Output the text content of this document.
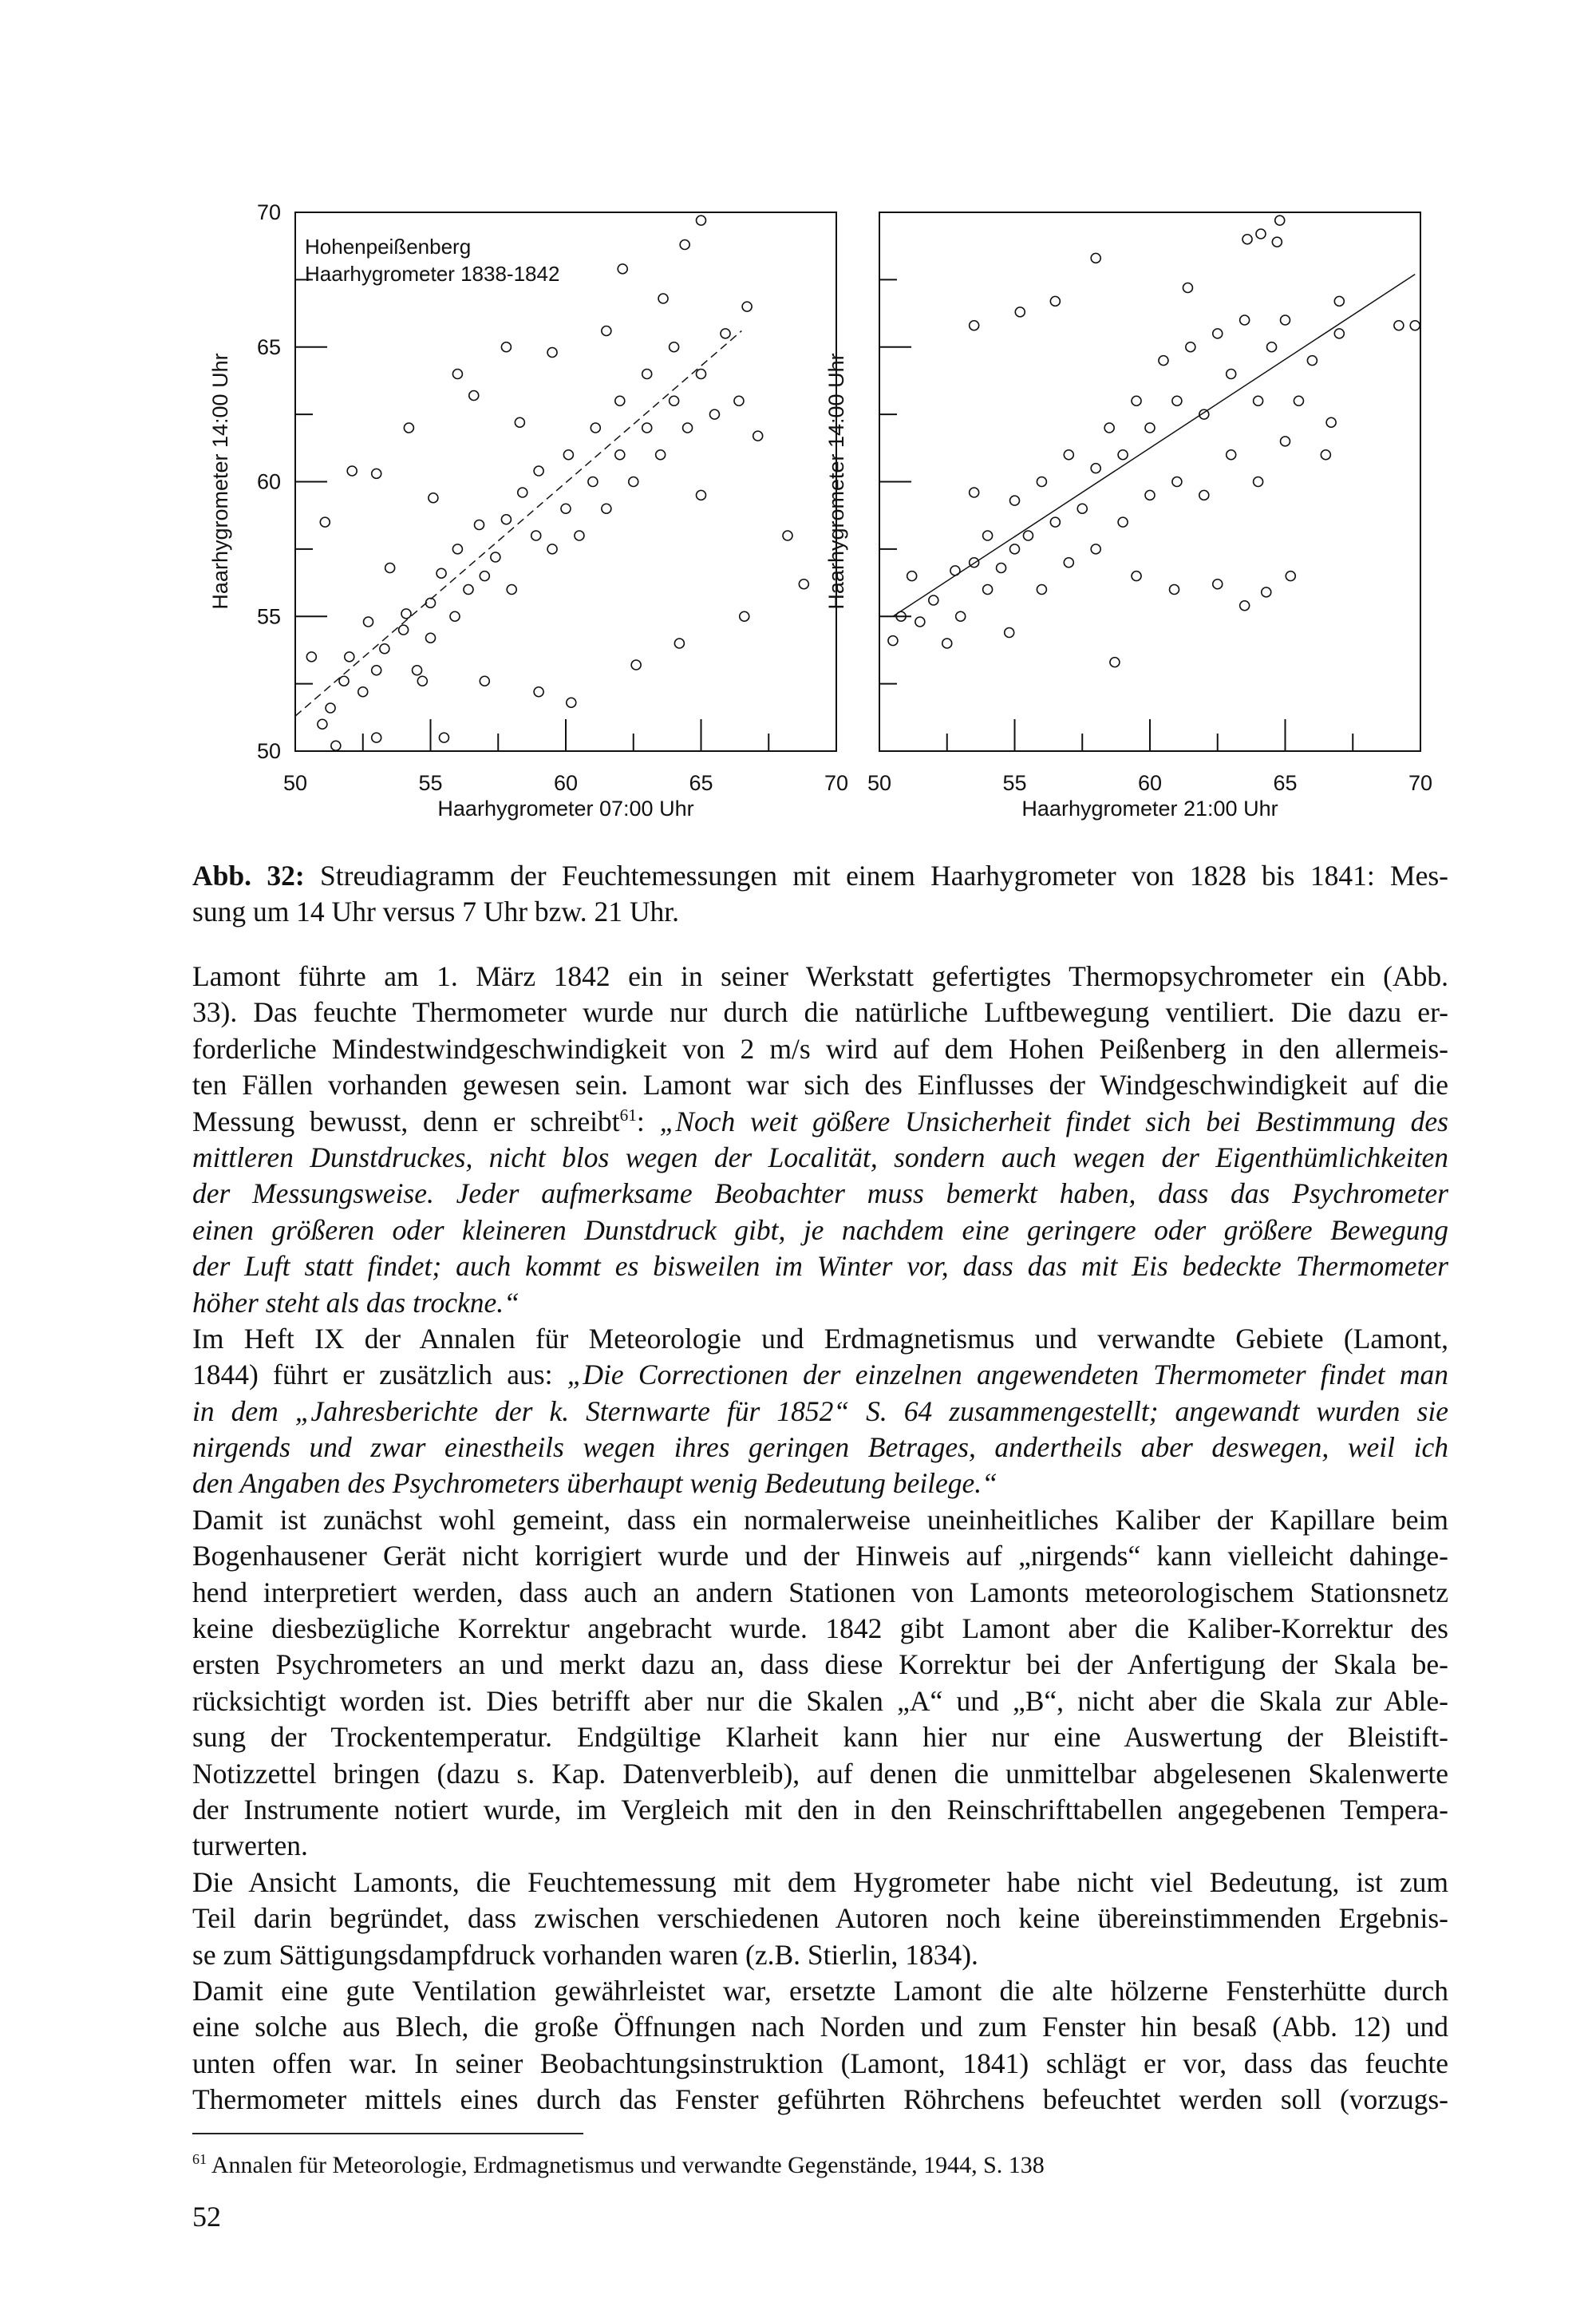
50	55	60	65	70
50
55
60
65
70
Haarhygrometer 07:00 Uhr
Haarhygrometer 14:00 Uhr
Hohenpeißenberg
Haarhygrometer 1838-1842
50	55	60	65	70
Haarhygrometer 21:00 Uhr
Haarhygrometer 14:00 Uhr
Abb. 32: Streudiagramm der Feuchtemessungen mit einem Haarhygrometer von 1828 bis 1841: Mes-
sung um 14 Uhr versus 7 Uhr bzw. 21 Uhr.
Lamont führte am 1. März 1842 ein in seiner Werkstatt gefertigtes Thermopsychrometer ein (Abb.
33). Das feuchte Thermometer wurde nur durch die natürliche Luftbewegung ventiliert. Die dazu er-
forderliche Mindestwindgeschwindigkeit von 2 m/s wird auf dem Hohen Peißenberg in den allermeis-
ten Fällen vorhanden gewesen sein. Lamont war sich des Einflusses der Windgeschwindigkeit auf die
Messung bewusst, denn er schreibt$^{61}$: „Noch weit gößere Unsicherheit findet sich bei Bestimmung des
mittleren Dunstdruckes, nicht blos wegen der Localität, sondern auch wegen der Eigenthümlichkeiten
der Messungsweise. Jeder aufmerksame Beobachter muss bemerkt haben, dass das Psychrometer
einen größeren oder kleineren Dunstdruck gibt, je nachdem eine geringere oder größere Bewegung
der Luft statt findet; auch kommt es bisweilen im Winter vor, dass das mit Eis bedeckte Thermometer
höher steht als das trockne.“
Im Heft IX der Annalen für Meteorologie und Erdmagnetismus und verwandte Gebiete (Lamont,
1844) führt er zusätzlich aus: „Die Correctionen der einzelnen angewendeten Thermometer findet man
in dem „Jahresberichte der k. Sternwarte für 1852“ S. 64 zusammengestellt; angewandt wurden sie
nirgends und zwar einestheils wegen ihres geringen Betrages, andertheils aber deswegen, weil ich
den Angaben des Psychrometers überhaupt wenig Bedeutung beilege.“
Damit ist zunächst wohl gemeint, dass ein normalerweise uneinheitliches Kaliber der Kapillare beim
Bogenhausener Gerät nicht korrigiert wurde und der Hinweis auf „nirgends“ kann vielleicht dahinge-
hend interpretiert werden, dass auch an andern Stationen von Lamonts meteorologischem Stationsnetz
keine diesbezügliche Korrektur angebracht wurde. 1842 gibt Lamont aber die Kaliber-Korrektur des
ersten Psychrometers an und merkt dazu an, dass diese Korrektur bei der Anfertigung der Skala be-
rücksichtigt worden ist. Dies betrifft aber nur die Skalen „A“ und „B“, nicht aber die Skala zur Able-
sung der Trockentemperatur. Endgültige Klarheit kann hier nur eine Auswertung der Bleistift-
Notizzettel bringen (dazu s. Kap. Datenverbleib), auf denen die unmittelbar abgelesenen Skalenwerte
der Instrumente notiert wurde, im Vergleich mit den in den Reinschrifttabellen angegebenen Tempera-
turwerten.
Die Ansicht Lamonts, die Feuchtemessung mit dem Hygrometer habe nicht viel Bedeutung, ist zum
Teil darin begründet, dass zwischen verschiedenen Autoren noch keine übereinstimmenden Ergebnis-
se zum Sättigungsdampfdruck vorhanden waren (z.B. Stierlin, 1834).
Damit eine gute Ventilation gewährleistet war, ersetzte Lamont die alte hölzerne Fensterhütte durch
eine solche aus Blech, die große Öffnungen nach Norden und zum Fenster hin besaß (Abb. 12) und
unten offen war. In seiner Beobachtungsinstruktion (Lamont, 1841) schlägt er vor, dass das feuchte
Thermometer mittels eines durch das Fenster geführten Röhrchens befeuchtet werden soll (vorzugs-
$^{61}$ Annalen für Meteorologie, Erdmagnetismus und verwandte Gegenstände, 1944, S. 138
52
